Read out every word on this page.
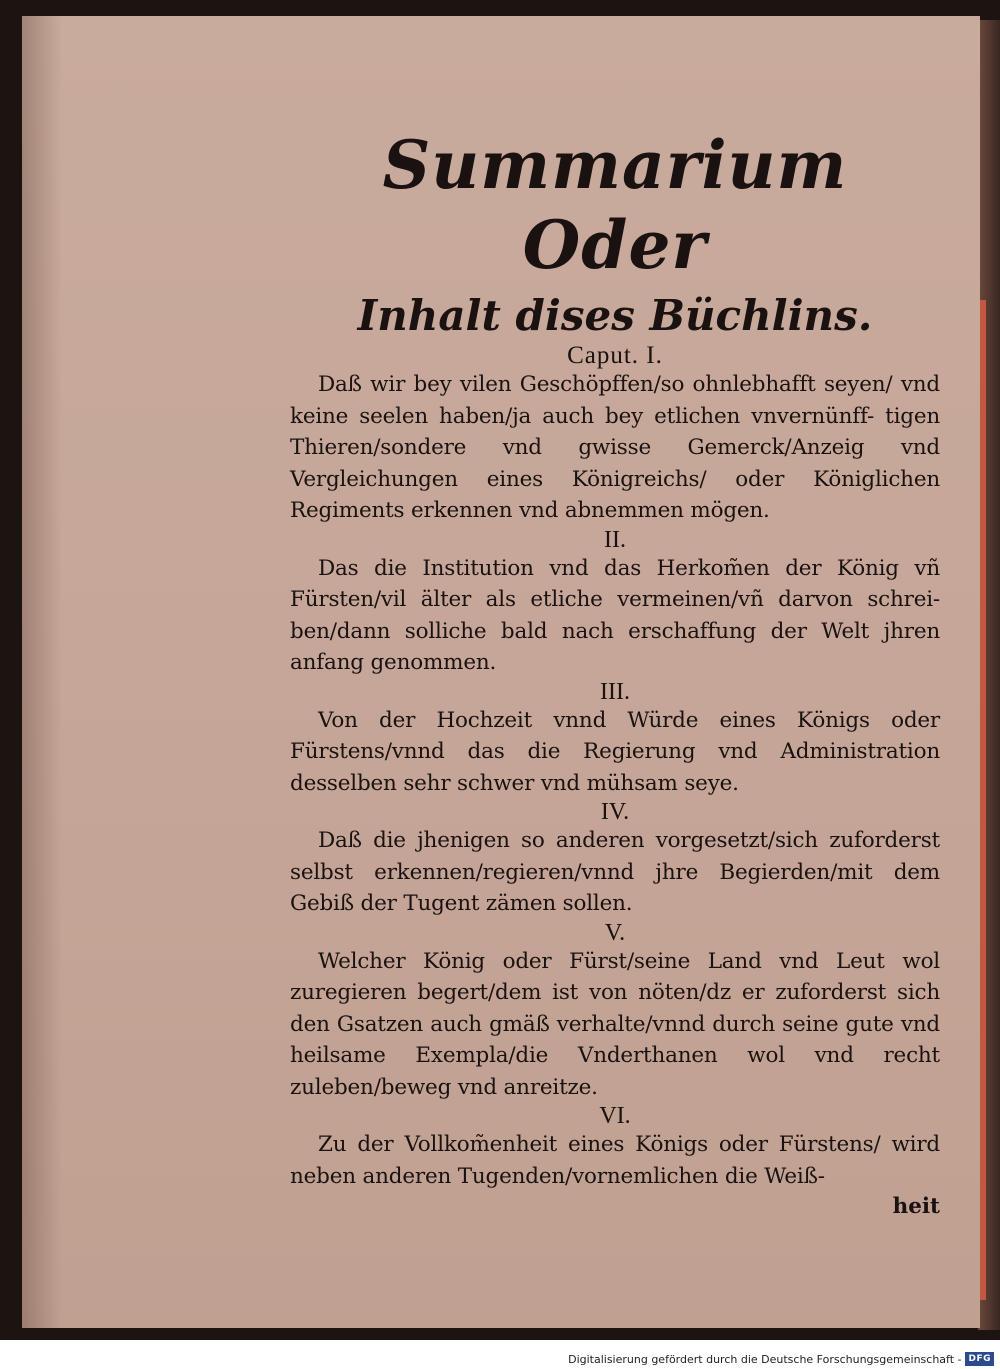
Summarium Oder
Inhalt dises Büchlins.

Caput. I.

Daß wir bey vilen Geschöpffen/so ohnlebhafft seyen/ vnd keine seelen haben/ja auch bey etlichen vnvernünff- tigen Thieren/sondere vnd gwisse Gemerck/Anzeig vnd Vergleichungen eines Königreichs/ oder Königlichen Regiments erkennen vnd abnemmen mögen.

II.

Das die Institution vnd das Herkom̃en der König vñ Fürsten/vil älter als etliche vermeinen/vñ darvon schrei- ben/dann solliche bald nach erschaffung der Welt jhren anfang genommen.

III.

Von der Hochzeit vnnd Würde eines Königs oder Fürstens/vnnd das die Regierung vnd Administration desselben sehr schwer vnd mühsam seye.

IV.

Daß die jhenigen so anderen vorgesetzt/sich zuforderst selbst erkennen/regieren/vnnd jhre Begierden/mit dem Gebiß der Tugent zämen sollen.

V.

Welcher König oder Fürst/seine Land vnd Leut wol zuregieren begert/dem ist von nöten/dz er zuforderst sich den Gsatzen auch gmäß verhalte/vnnd durch seine gute vnd heilsame Exempla/die Vnderthanen wol vnd recht zuleben/beweg vnd anreitze.

VI.

Zu der Vollkom̃enheit eines Königs oder Fürstens/ wird neben anderen Tugenden/vornemlichen die Weiß-

heit

Digitalisierung gefördert durch die Deutsche Forschungsgemeinschaft - DFG
